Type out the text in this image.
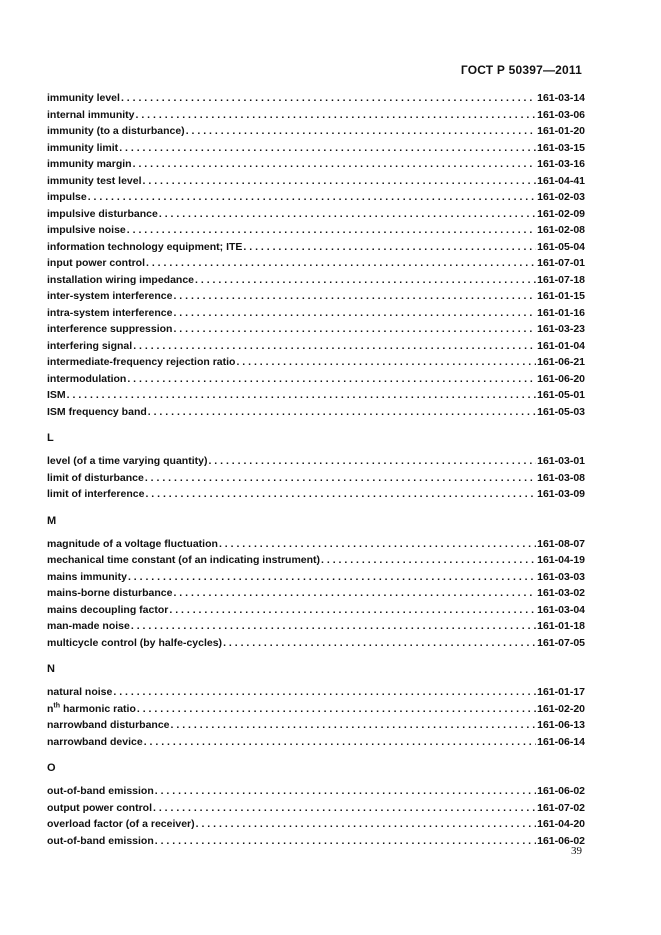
ГОСТ Р 50397—2011
immunity level . . .	161-03-14
internal immunity . . .	161-03-06
immunity (to a disturbance) . . .	161-01-20
immunity limit . . .	161-03-15
immunity margin . . .	161-03-16
immunity test level . . .	161-04-41
impulse . . .	161-02-03
impulsive disturbance . . .	161-02-09
impulsive noise . . .	161-02-08
information technology equipment; ITE . . .	161-05-04
input power control . . .	161-07-01
installation wiring impedance . . .	161-07-18
inter-system interference . . .	161-01-15
intra-system interference . . .	161-01-16
interference suppression . . .	161-03-23
interfering signal . . .	161-01-04
intermediate-frequency rejection ratio . . .	161-06-21
intermodulation . . .	161-06-20
ISM . . .	161-05-01
ISM frequency band . . .	161-05-03
L
level (of a time varying quantity) . . .	161-03-01
limit of disturbance . . .	161-03-08
limit of interference . . .	161-03-09
M
magnitude of a voltage fluctuation . . .	161-08-07
mechanical time constant (of an indicating instrument) . . .	161-04-19
mains immunity . . .	161-03-03
mains-borne disturbance . . .	161-03-02
mains decoupling factor . . .	161-03-04
man-made noise . . .	161-01-18
multicycle control (by halfe-cycles) . . .	161-07-05
N
natural noise . . .	161-01-17
$n^{th}$ harmonic ratio . . .	161-02-20
narrowband disturbance . . .	161-06-13
narrowband device . . .	161-06-14
O
out-of-band emission . . .	161-06-02
output power control . . .	161-07-02
overload factor (of a receiver) . . .	161-04-20
out-of-band emission . . .	161-06-02
39
